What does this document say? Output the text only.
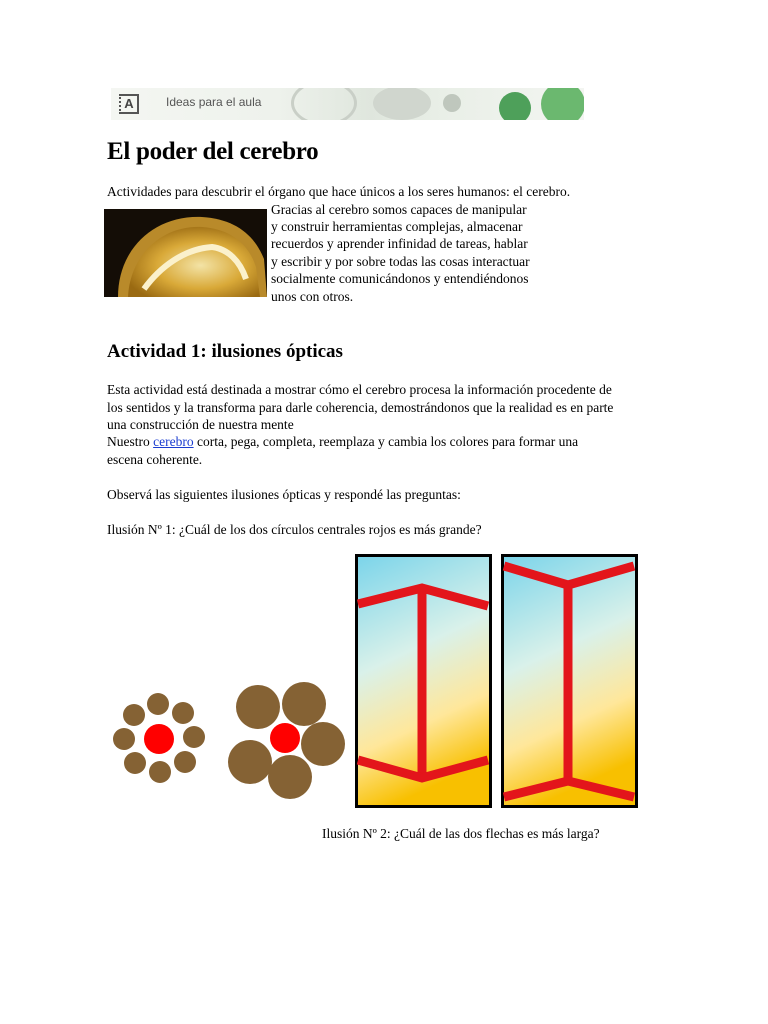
A	Ideas para el aula
El poder del cerebro

Actividades para descubrir el órgano que hace únicos a los seres humanos: el cerebro.

Gracias al cerebro somos capaces de manipular

y construir herramientas complejas, almacenar

recuerdos y aprender infinidad de tareas, hablar

y escribir y por sobre todas las cosas interactuar

socialmente comunicándonos y entendiéndonos

unos con otros.

Actividad 1: ilusiones ópticas

Esta actividad está destinada a mostrar cómo el cerebro procesa la información procedente de

los sentidos y la transforma para darle coherencia, demostrándonos que la realidad es en parte

una construcción de nuestra mente

Nuestro cerebro corta, pega, completa, reemplaza y cambia los colores para formar una

escena coherente.

Observá las siguientes ilusiones ópticas y respondé las preguntas:

Ilusión Nº 1: ¿Cuál de los dos círculos centrales rojos es más grande?

Ilusión Nº 2: ¿Cuál de las dos flechas es más larga?
